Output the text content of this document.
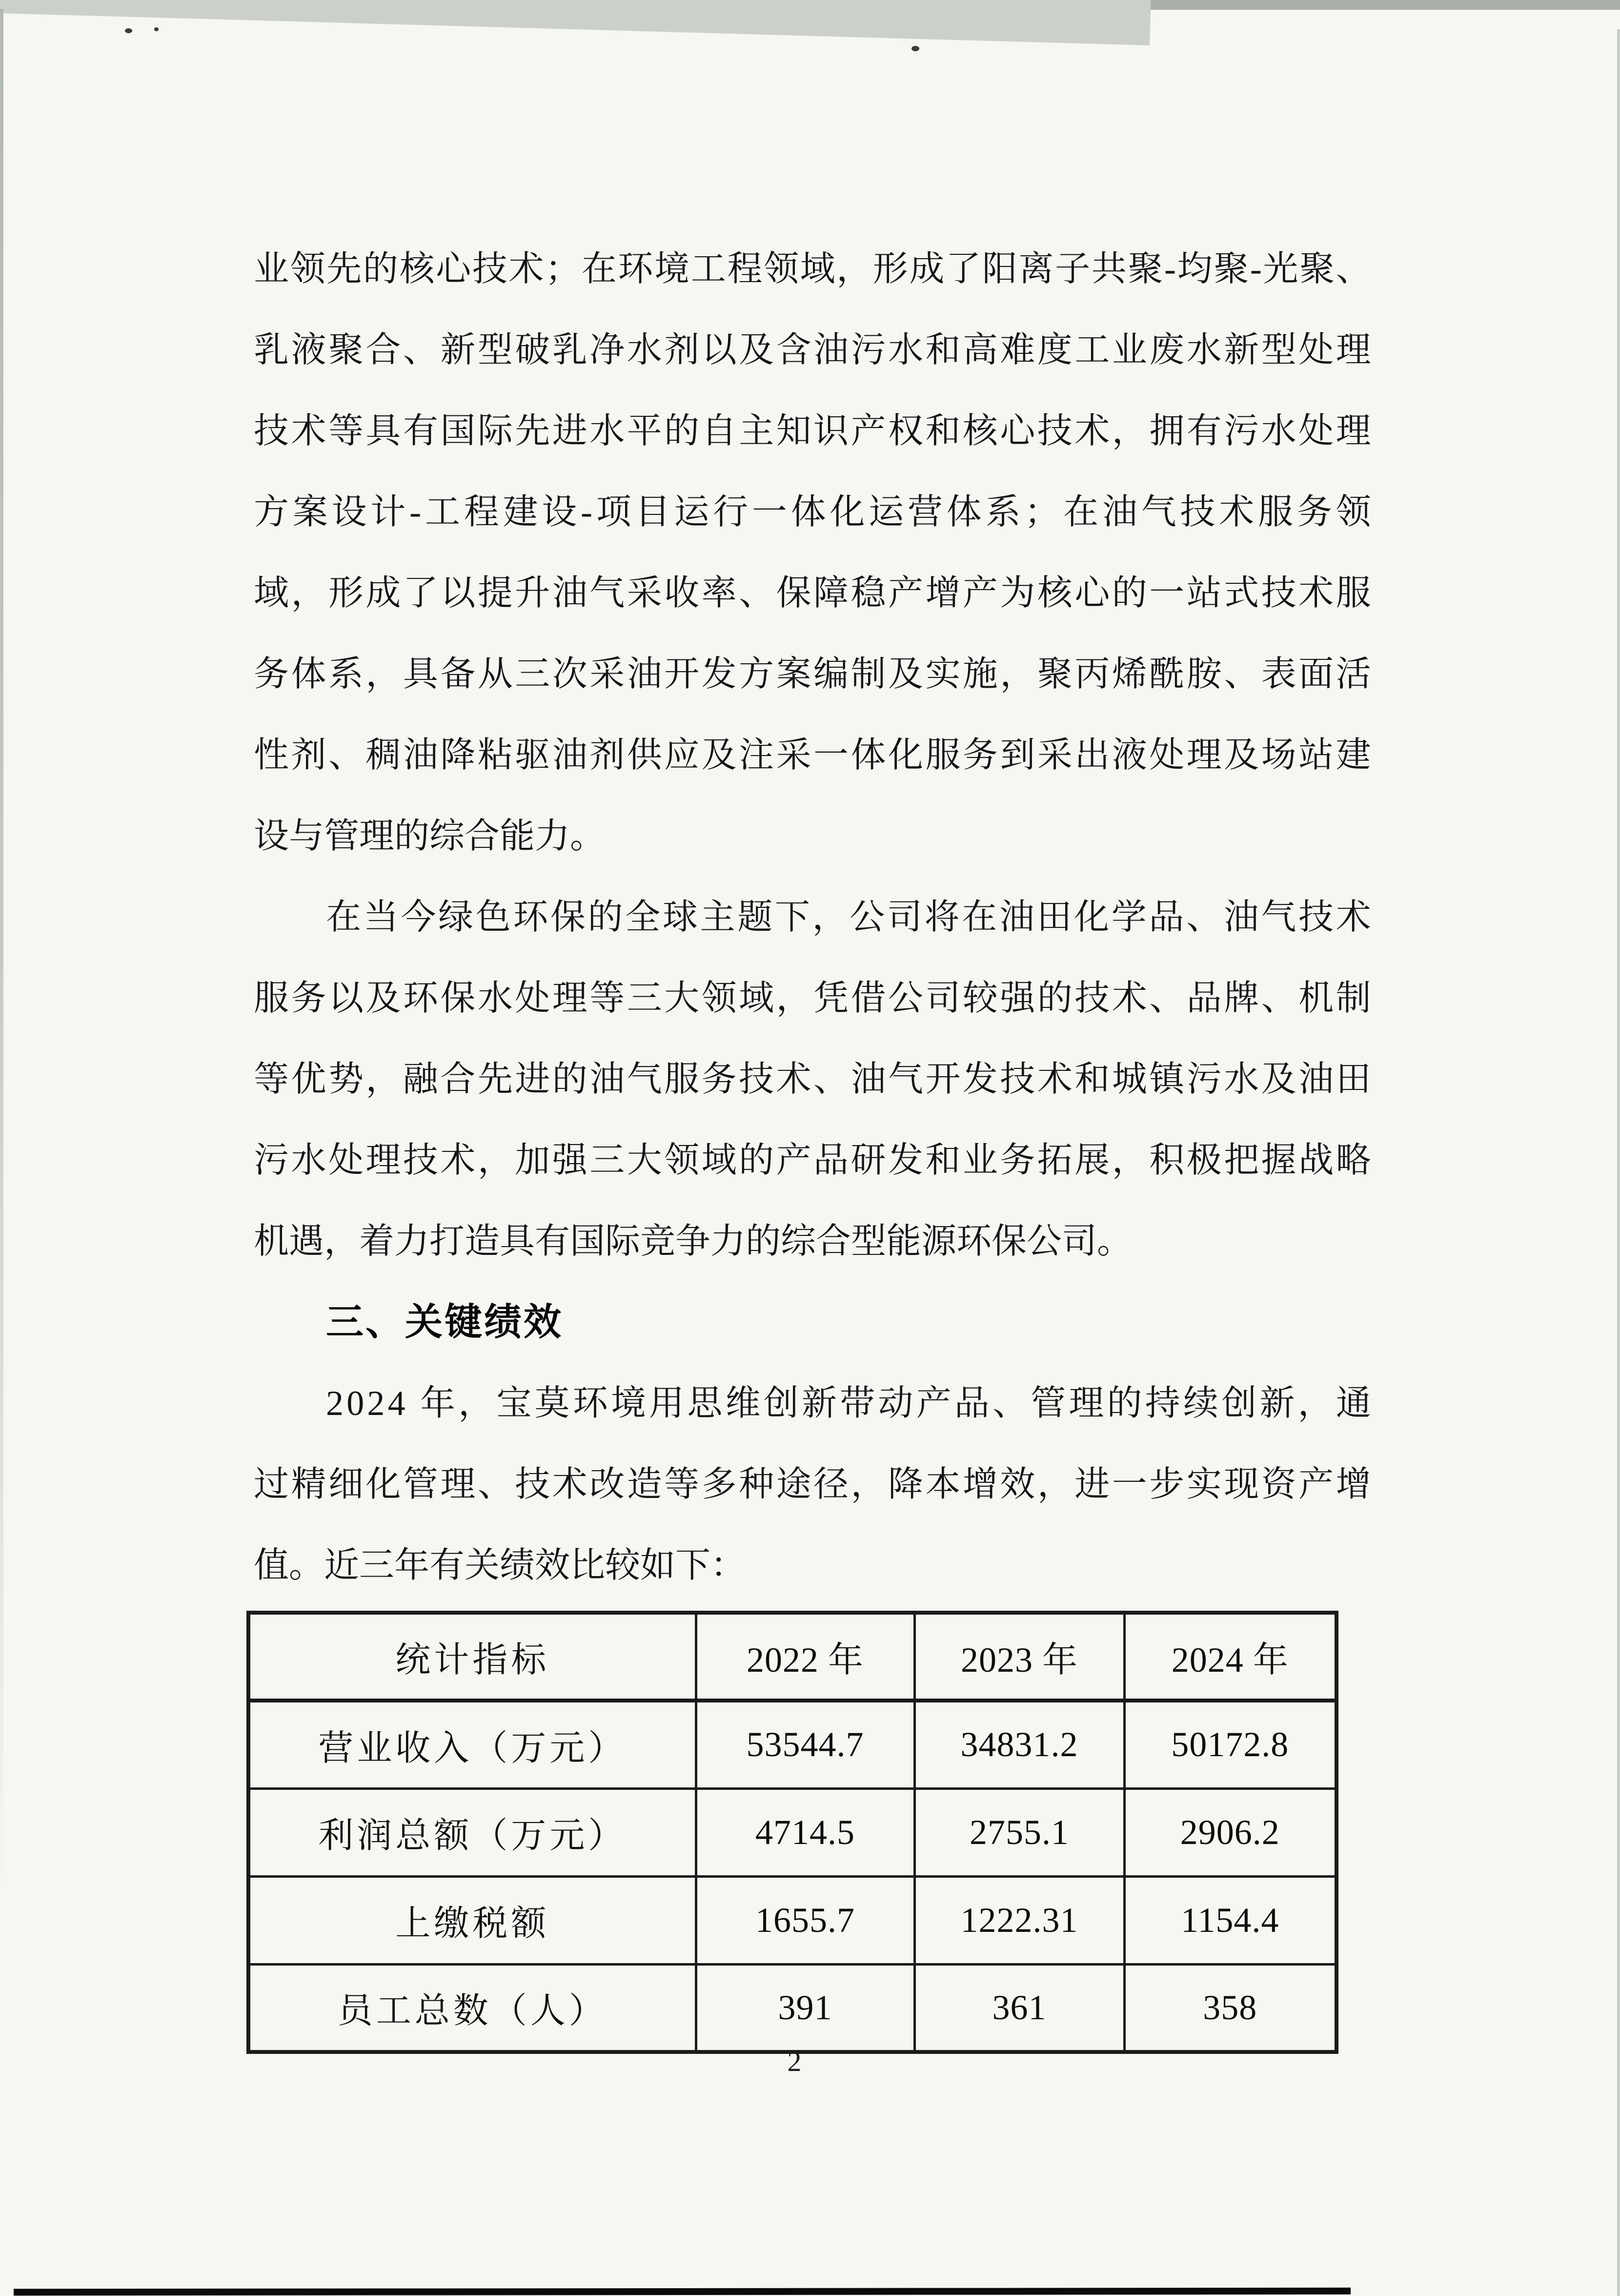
业 领 先 的 核 心 技 术 ； 在 环 境 工 程 领 域 ， 形 成 了 阳 离 子 共 聚 - 均 聚 - 光 聚 、
乳 液 聚 合 、 新 型 破 乳 净 水 剂 以 及 含 油 污 水 和 高 难 度 工 业 废 水 新 型 处 理
技 术 等 具 有 国 际 先 进 水 平 的 自 主 知 识 产 权 和 核 心 技 术 ， 拥 有 污 水 处 理
方 案 设 计 - 工 程 建 设 - 项 目 运 行 一 体 化 运 营 体 系 ； 在 油 气 技 术 服 务 领
域 ， 形 成 了 以 提 升 油 气 采 收 率 、 保 障 稳 产 增 产 为 核 心 的 一 站 式 技 术 服
务 体 系 ， 具 备 从 三 次 采 油 开 发 方 案 编 制 及 实 施 ， 聚 丙 烯 酰 胺 、 表 面 活
性 剂 、 稠 油 降 粘 驱 油 剂 供 应 及 注 采 一 体 化 服 务 到 采 出 液 处 理 及 场 站 建
设与管理的综合能力。
在 当 今 绿 色 环 保 的 全 球 主 题 下 ， 公 司 将 在 油 田 化 学 品 、 油 气 技 术
服 务 以 及 环 保 水 处 理 等 三 大 领 域 ， 凭 借 公 司 较 强 的 技 术 、 品 牌 、 机 制
等 优 势 ， 融 合 先 进 的 油 气 服 务 技 术 、 油 气 开 发 技 术 和 城 镇 污 水 及 油 田
污 水 处 理 技 术 ， 加 强 三 大 领 域 的 产 品 研 发 和 业 务 拓 展 ， 积 极 把 握 战 略
机遇，着力打造具有国际竞争力的综合型能源环保公司。
三、关键绩效
2 0 2 4
年 ， 宝 莫 环 境 用 思 维 创 新 带 动 产 品 、 管 理 的 持 续 创 新 ， 通
过 精 细 化 管 理 、 技 术 改 造 等 多 种 途 径 ， 降 本 增 效 ， 进 一 步 实 现 资 产 增
值。近三年有关绩效比较如下：
统计指标	2022 年	2023 年	2024 年
营业收入（万元）	53544.7	34831.2	50172.8
利润总额（万元）	4714.5	2755.1	2906.2
上缴税额	1655.7	1222.31	1154.4
员工总数（人）	391	361	358
2
